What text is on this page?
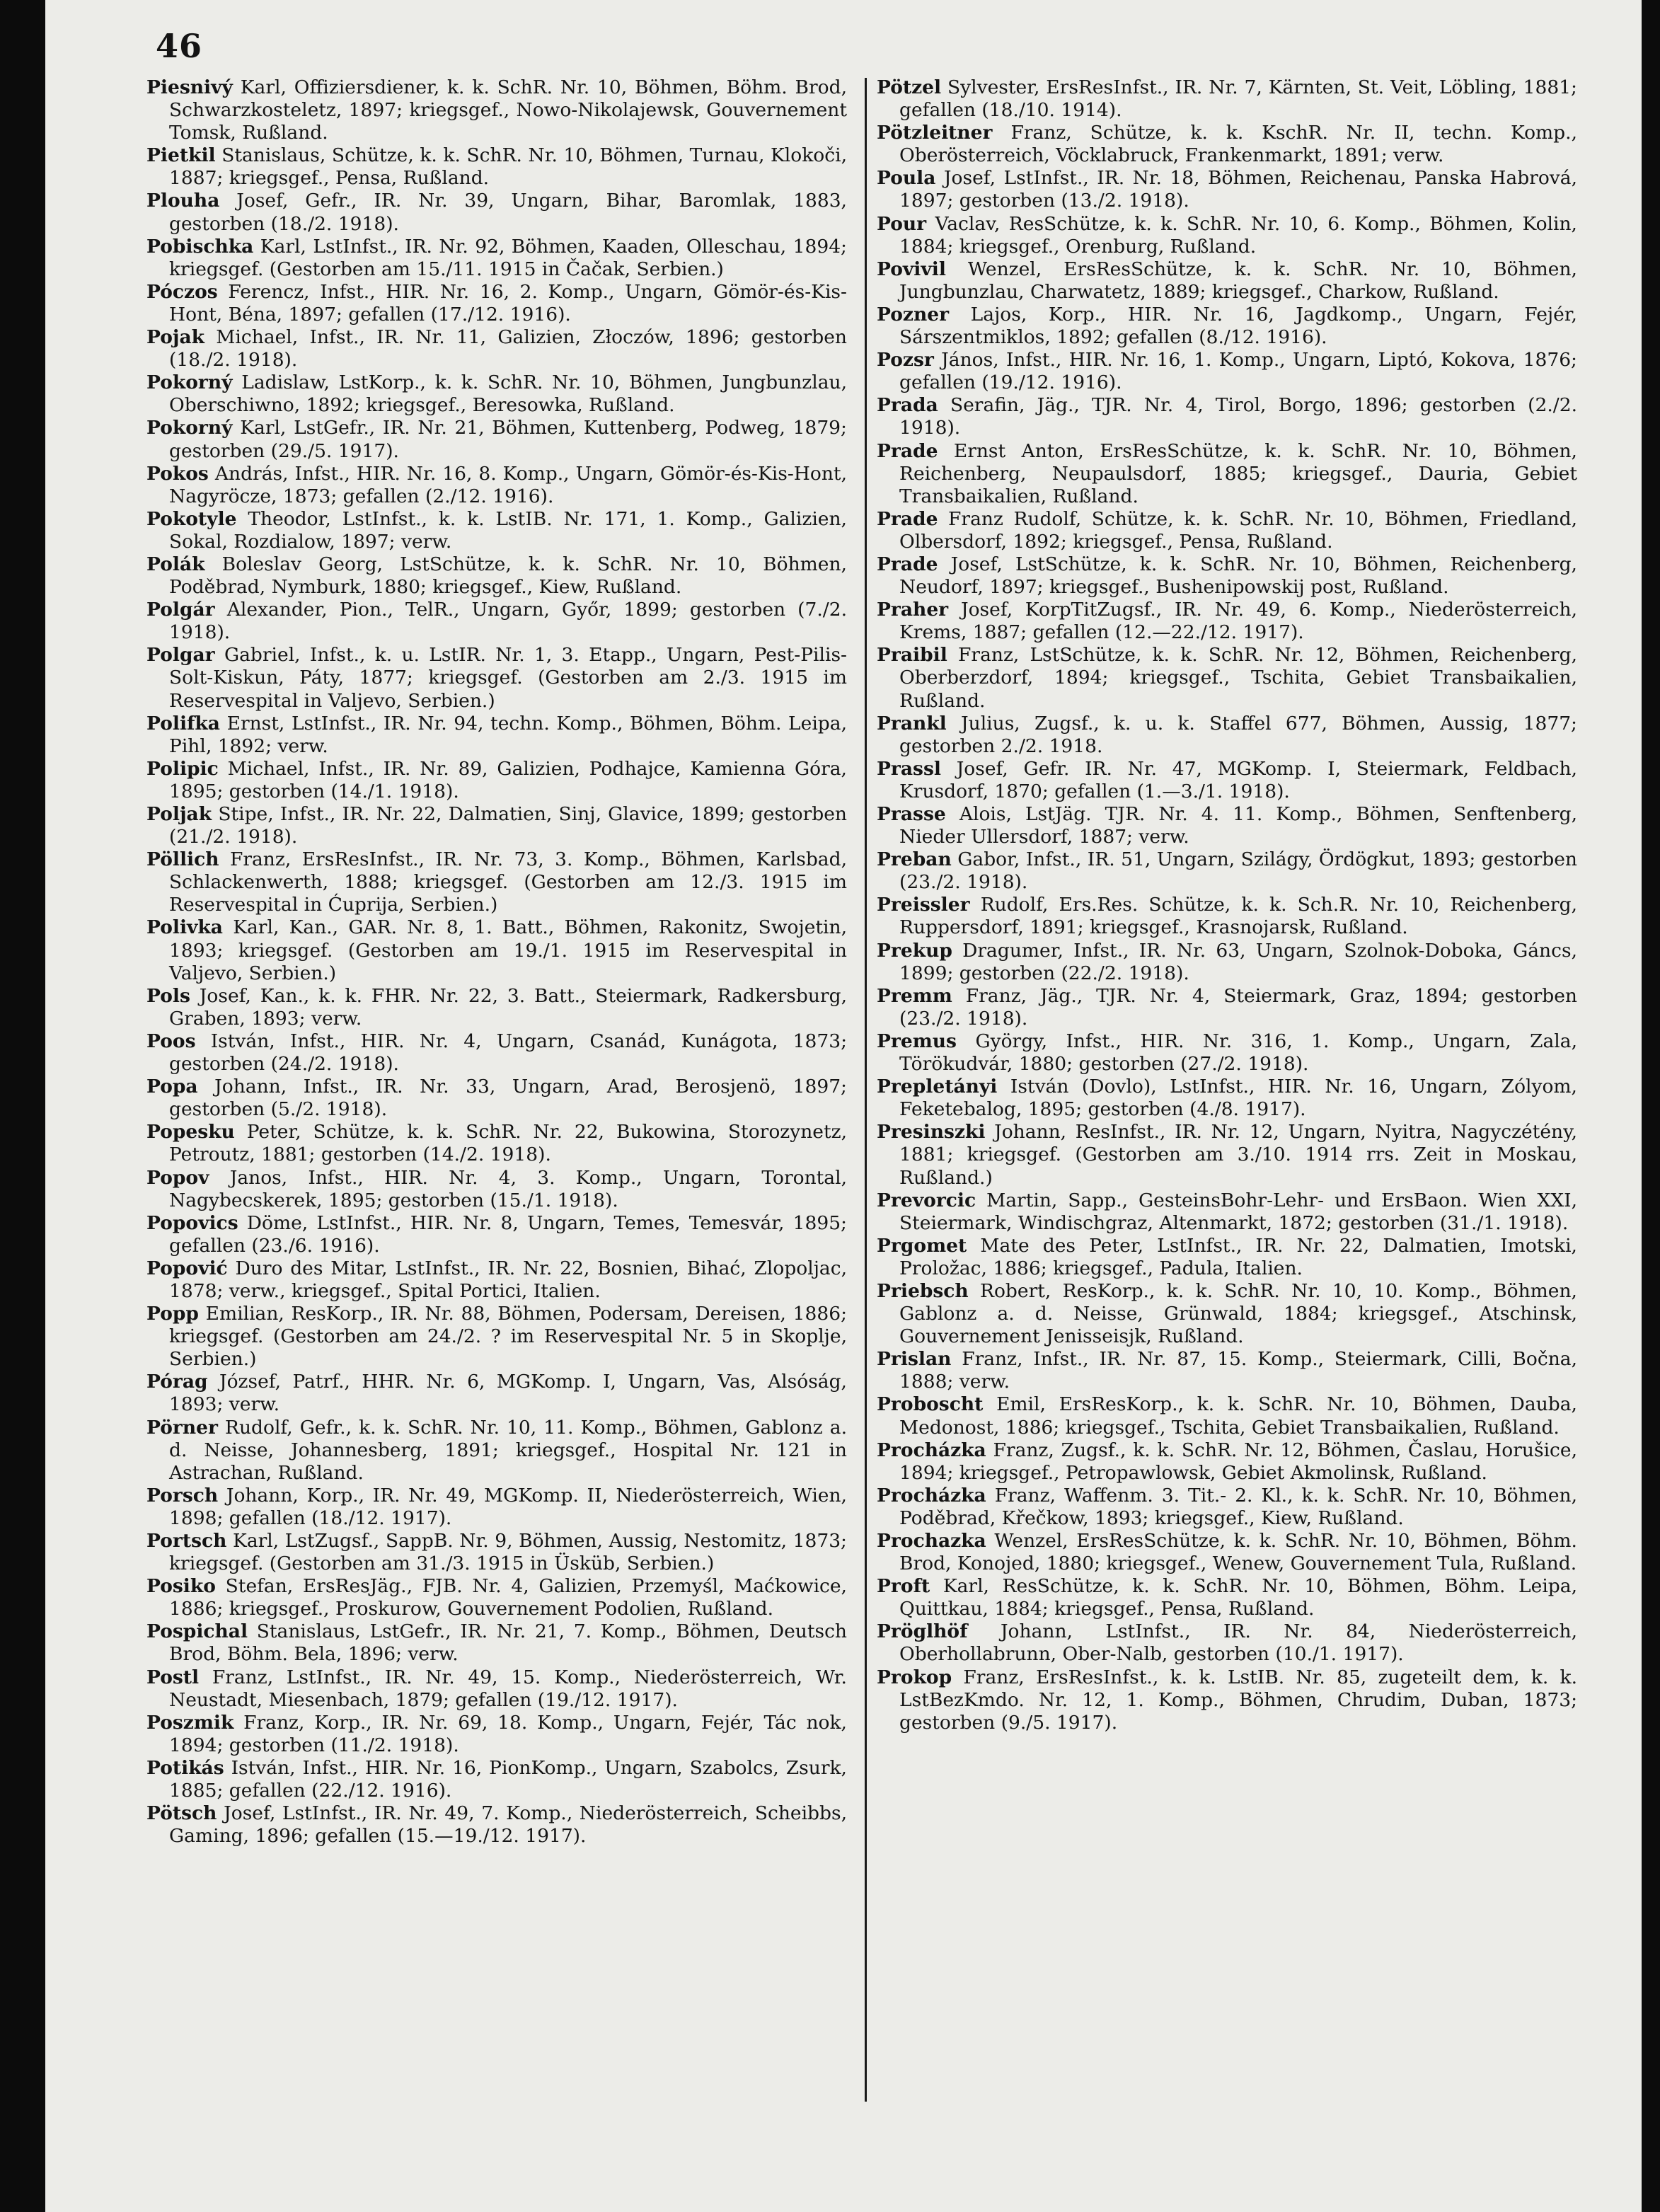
46
Piesnivý Karl, Offiziersdiener, k. k. SchR. Nr. 10, Böhmen, Böhm. Brod, Schwarzkosteletz, 1897; kriegsgef., Nowo-Nikolajewsk, Gouvernement Tomsk, Rußland.
Pietkil Stanislaus, Schütze, k. k. SchR. Nr. 10, Böhmen, Turnau, Klokoči, 1887; kriegsgef., Pensa, Rußland.
Plouha Josef, Gefr., IR. Nr. 39, Ungarn, Bihar, Baromlak, 1883, gestorben (18./2. 1918).
Pobischka Karl, LstInfst., IR. Nr. 92, Böhmen, Kaaden, Olleschau, 1894; kriegsgef. (Gestorben am 15./11. 1915 in Čačak, Serbien.)
Póczos Ferencz, Infst., HIR. Nr. 16, 2. Komp., Ungarn, Gömör-és-Kis-Hont, Béna, 1897; gefallen (17./12. 1916).
Pojak Michael, Infst., IR. Nr. 11, Galizien, Złoczów, 1896; gestorben (18./2. 1918).
Pokorný Ladislaw, LstKorp., k. k. SchR. Nr. 10, Böhmen, Jungbunzlau, Oberschiwno, 1892; kriegsgef., Beresowka, Rußland.
Pokorný Karl, LstGefr., IR. Nr. 21, Böhmen, Kuttenberg, Podweg, 1879; gestorben (29./5. 1917).
Pokos András, Infst., HIR. Nr. 16, 8. Komp., Ungarn, Gömör-és-Kis-Hont, Nagyröcze, 1873; gefallen (2./12. 1916).
Pokotyle Theodor, LstInfst., k. k. LstIB. Nr. 171, 1. Komp., Galizien, Sokal, Rozdialow, 1897; verw.
Polák Boleslav Georg, LstSchütze, k. k. SchR. Nr. 10, Böhmen, Poděbrad, Nymburk, 1880; kriegsgef., Kiew, Rußland.
Polgár Alexander, Pion., TelR., Ungarn, Győr, 1899; gestorben (7./2. 1918).
Polgar Gabriel, Infst., k. u. LstIR. Nr. 1, 3. Etapp., Ungarn, Pest-Pilis-Solt-Kiskun, Páty, 1877; kriegsgef. (Gestorben am 2./3. 1915 im Reservespital in Valjevo, Serbien.)
Polifka Ernst, LstInfst., IR. Nr. 94, techn. Komp., Böhmen, Böhm. Leipa, Pihl, 1892; verw.
Polipic Michael, Infst., IR. Nr. 89, Galizien, Podhajce, Kamienna Góra, 1895; gestorben (14./1. 1918).
Poljak Stipe, Infst., IR. Nr. 22, Dalmatien, Sinj, Glavice, 1899; gestorben (21./2. 1918).
Pöllich Franz, ErsResInfst., IR. Nr. 73, 3. Komp., Böhmen, Karlsbad, Schlackenwerth, 1888; kriegsgef. (Gestorben am 12./3. 1915 im Reservespital in Ćuprija, Serbien.)
Polivka Karl, Kan., GAR. Nr. 8, 1. Batt., Böhmen, Rakonitz, Swojetin, 1893; kriegsgef. (Gestorben am 19./1. 1915 im Reservespital in Valjevo, Serbien.)
Pols Josef, Kan., k. k. FHR. Nr. 22, 3. Batt., Steiermark, Radkersburg, Graben, 1893; verw.
Poos István, Infst., HIR. Nr. 4, Ungarn, Csanád, Kunágota, 1873; gestorben (24./2. 1918).
Popa Johann, Infst., IR. Nr. 33, Ungarn, Arad, Berosjenö, 1897; gestorben (5./2. 1918).
Popesku Peter, Schütze, k. k. SchR. Nr. 22, Bukowina, Storozynetz, Petroutz, 1881; gestorben (14./2. 1918).
Popov Janos, Infst., HIR. Nr. 4, 3. Komp., Ungarn, Torontal, Nagybecskerek, 1895; gestorben (15./1. 1918).
Popovics Döme, LstInfst., HIR. Nr. 8, Ungarn, Temes, Temesvár, 1895; gefallen (23./6. 1916).
Popović Duro des Mitar, LstInfst., IR. Nr. 22, Bosnien, Bihać, Zlopoljac, 1878; verw., kriegsgef., Spital Portici, Italien.
Popp Emilian, ResKorp., IR. Nr. 88, Böhmen, Podersam, Dereisen, 1886; kriegsgef. (Gestorben am 24./2. ? im Reservespital Nr. 5 in Skoplje, Serbien.)
Pórag József, Patrf., HHR. Nr. 6, MGKomp. I, Ungarn, Vas, Alsóság, 1893; verw.
Pörner Rudolf, Gefr., k. k. SchR. Nr. 10, 11. Komp., Böhmen, Gablonz a. d. Neisse, Johannesberg, 1891; kriegsgef., Hospital Nr. 121 in Astrachan, Rußland.
Porsch Johann, Korp., IR. Nr. 49, MGKomp. II, Niederösterreich, Wien, 1898; gefallen (18./12. 1917).
Portsch Karl, LstZugsf., SappB. Nr. 9, Böhmen, Aussig, Nestomitz, 1873; kriegsgef. (Gestorben am 31./3. 1915 in Üsküb, Serbien.)
Posiko Stefan, ErsResJäg., FJB. Nr. 4, Galizien, Przemyśl, Maćkowice, 1886; kriegsgef., Proskurow, Gouvernement Podolien, Rußland.
Pospichal Stanislaus, LstGefr., IR. Nr. 21, 7. Komp., Böhmen, Deutsch Brod, Böhm. Bela, 1896; verw.
Postl Franz, LstInfst., IR. Nr. 49, 15. Komp., Niederösterreich, Wr. Neustadt, Miesenbach, 1879; gefallen (19./12. 1917).
Poszmik Franz, Korp., IR. Nr. 69, 18. Komp., Ungarn, Fejér, Tác nok, 1894; gestorben (11./2. 1918).
Potikás István, Infst., HIR. Nr. 16, PionKomp., Ungarn, Szabolcs, Zsurk, 1885; gefallen (22./12. 1916).
Pötsch Josef, LstInfst., IR. Nr. 49, 7. Komp., Niederösterreich, Scheibbs, Gaming, 1896; gefallen (15.—19./12. 1917).
Pötzel Sylvester, ErsResInfst., IR. Nr. 7, Kärnten, St. Veit, Löbling, 1881; gefallen (18./10. 1914).
Pötzleitner Franz, Schütze, k. k. KschR. Nr. II, techn. Komp., Oberösterreich, Vöcklabruck, Frankenmarkt, 1891; verw.
Poula Josef, LstInfst., IR. Nr. 18, Böhmen, Reichenau, Panska Habrová, 1897; gestorben (13./2. 1918).
Pour Vaclav, ResSchütze, k. k. SchR. Nr. 10, 6. Komp., Böhmen, Kolin, 1884; kriegsgef., Orenburg, Rußland.
Povivil Wenzel, ErsResSchütze, k. k. SchR. Nr. 10, Böhmen, Jungbunzlau, Charwatetz, 1889; kriegsgef., Charkow, Rußland.
Pozner Lajos, Korp., HIR. Nr. 16, Jagdkomp., Ungarn, Fejér, Sárszentmiklos, 1892; gefallen (8./12. 1916).
Pozsr János, Infst., HIR. Nr. 16, 1. Komp., Ungarn, Liptó, Kokova, 1876; gefallen (19./12. 1916).
Prada Serafin, Jäg., TJR. Nr. 4, Tirol, Borgo, 1896; gestorben (2./2. 1918).
Prade Ernst Anton, ErsResSchütze, k. k. SchR. Nr. 10, Böhmen, Reichenberg, Neupaulsdorf, 1885; kriegsgef., Dauria, Gebiet Transbaikalien, Rußland.
Prade Franz Rudolf, Schütze, k. k. SchR. Nr. 10, Böhmen, Friedland, Olbersdorf, 1892; kriegsgef., Pensa, Rußland.
Prade Josef, LstSchütze, k. k. SchR. Nr. 10, Böhmen, Reichenberg, Neudorf, 1897; kriegsgef., Bushenipowskij post, Rußland.
Praher Josef, KorpTitZugsf., IR. Nr. 49, 6. Komp., Niederösterreich, Krems, 1887; gefallen (12.—22./12. 1917).
Praibil Franz, LstSchütze, k. k. SchR. Nr. 12, Böhmen, Reichenberg, Oberberzdorf, 1894; kriegsgef., Tschita, Gebiet Transbaikalien, Rußland.
Prankl Julius, Zugsf., k. u. k. Staffel 677, Böhmen, Aussig, 1877; gestorben 2./2. 1918.
Prassl Josef, Gefr. IR. Nr. 47, MGKomp. I, Steiermark, Feldbach, Krusdorf, 1870; gefallen (1.—3./1. 1918).
Prasse Alois, LstJäg. TJR. Nr. 4. 11. Komp., Böhmen, Senftenberg, Nieder Ullersdorf, 1887; verw.
Preban Gabor, Infst., IR. 51, Ungarn, Szilágy, Ördögkut, 1893; gestorben (23./2. 1918).
Preissler Rudolf, Ers.Res. Schütze, k. k. Sch.R. Nr. 10, Reichenberg, Ruppersdorf, 1891; kriegsgef., Krasnojarsk, Rußland.
Prekup Dragumer, Infst., IR. Nr. 63, Ungarn, Szolnok-Doboka, Gáncs, 1899; gestorben (22./2. 1918).
Premm Franz, Jäg., TJR. Nr. 4, Steiermark, Graz, 1894; gestorben (23./2. 1918).
Premus György, Infst., HIR. Nr. 316, 1. Komp., Ungarn, Zala, Törökudvár, 1880; gestorben (27./2. 1918).
Prepletányi István (Dovlo), LstInfst., HIR. Nr. 16, Ungarn, Zólyom, Feketebalog, 1895; gestorben (4./8. 1917).
Presinszki Johann, ResInfst., IR. Nr. 12, Ungarn, Nyitra, Nagyczétény, 1881; kriegsgef. (Gestorben am 3./10. 1914 rrs. Zeit in Moskau, Rußland.)
Prevorcic Martin, Sapp., GesteinsBohr-Lehr- und ErsBaon. Wien XXI, Steiermark, Windischgraz, Altenmarkt, 1872; gestorben (31./1. 1918).
Prgomet Mate des Peter, LstInfst., IR. Nr. 22, Dalmatien, Imotski, Proložac, 1886; kriegsgef., Padula, Italien.
Priebsch Robert, ResKorp., k. k. SchR. Nr. 10, 10. Komp., Böhmen, Gablonz a. d. Neisse, Grünwald, 1884; kriegsgef., Atschinsk, Gouvernement Jenisseisjk, Rußland.
Prislan Franz, Infst., IR. Nr. 87, 15. Komp., Steiermark, Cilli, Bočna, 1888; verw.
Proboscht Emil, ErsResKorp., k. k. SchR. Nr. 10, Böhmen, Dauba, Medonost, 1886; kriegsgef., Tschita, Gebiet Transbaikalien, Rußland.
Procházka Franz, Zugsf., k. k. SchR. Nr. 12, Böhmen, Časlau, Horušice, 1894; kriegsgef., Petropawlowsk, Gebiet Akmolinsk, Rußland.
Procházka Franz, Waffenm. 3. Tit.- 2. Kl., k. k. SchR. Nr. 10, Böhmen, Poděbrad, Křečkow, 1893; kriegsgef., Kiew, Rußland.
Prochazka Wenzel, ErsResSchütze, k. k. SchR. Nr. 10, Böhmen, Böhm. Brod, Konojed, 1880; kriegsgef., Wenew, Gouvernement Tula, Rußland.
Proft Karl, ResSchütze, k. k. SchR. Nr. 10, Böhmen, Böhm. Leipa, Quittkau, 1884; kriegsgef., Pensa, Rußland.
Pröglhöf Johann, LstInfst., IR. Nr. 84, Niederösterreich, Oberhollabrunn, Ober-Nalb, gestorben (10./1. 1917).
Prokop Franz, ErsResInfst., k. k. LstIB. Nr. 85, zugeteilt dem, k. k. LstBezKmdo. Nr. 12, 1. Komp., Böhmen, Chrudim, Duban, 1873; gestorben (9./5. 1917).
